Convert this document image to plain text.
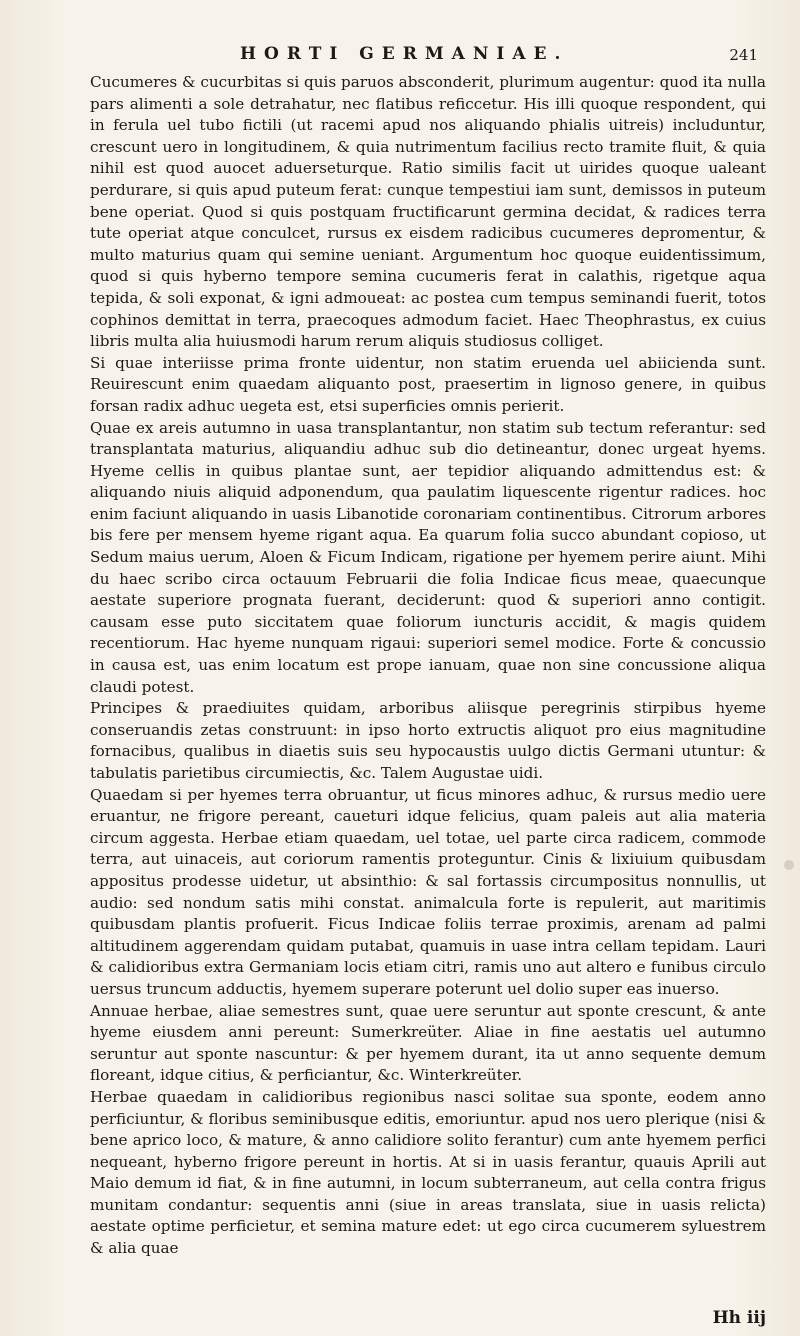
HORTI GERMANIAE.	241

Cucumeres & cucurbitas si quis paruos absconderit, plurimum augentur: quod ita nulla pars alimenti a sole detrahatur, nec flatibus reficcetur. His illi quoque respondent, qui in ferula uel tubo fictili (ut racemi apud nos aliquando phialis uitreis) includuntur, crescunt uero in longitudinem, & quia nutrimentum facilius recto tramite fluit, & quia nihil est quod auocet aduerseturque. Ratio similis facit ut uirides quoque ualeant perdurare, si quis apud puteum ferat: cunque tempestiui iam sunt, demissos in puteum bene operiat. Quod si quis postquam fructificarunt germina decidat, & radices terra tute operiat atque conculcet, rursus ex eisdem radicibus cucumeres depromentur, & multo maturius quam qui semine ueniant. Argumentum hoc quoque euidentissimum, quod si quis hyberno tempore semina cucumeris ferat in calathis, rigetque aqua tepida, & soli exponat, & igni admoueat: ac postea cum tempus seminandi fuerit, totos cophinos demittat in terra, praecoques admodum faciet. Haec Theophrastus, ex cuius libris multa alia huiusmodi harum rerum aliquis studiosus colliget.

Si quae interiisse prima fronte uidentur, non statim eruenda uel abiicienda sunt. Reuirescunt enim quaedam aliquanto post, praesertim in lignoso genere, in quibus forsan radix adhuc uegeta est, etsi superficies omnis perierit.

Quae ex areis autumno in uasa transplantantur, non statim sub tectum referantur: sed transplantata maturius, aliquandiu adhuc sub dio detineantur, donec urgeat hyems. Hyeme cellis in quibus plantae sunt, aer tepidior aliquando admittendus est: & aliquando niuis aliquid adponendum, qua paulatim liquescente rigentur radices. hoc enim faciunt aliquando in uasis Libanotide coronariam continentibus. Citrorum arbores bis fere per mensem hyeme rigant aqua. Ea quarum folia succo abundant copioso, ut Sedum maius uerum, Aloen & Ficum Indicam, rigatione per hyemem perire aiunt. Mihi du haec scribo circa octauum Februarii die folia Indicae ficus meae, quaecunque aestate superiore prognata fuerant, deciderunt: quod & superiori anno contigit. causam esse puto siccitatem quae foliorum iuncturis accidit, & magis quidem recentiorum. Hac hyeme nunquam rigaui: superiori semel modice. Forte & concussio in causa est, uas enim locatum est prope ianuam, quae non sine concussione aliqua claudi potest.

Principes & praediuites quidam, arboribus aliisque peregrinis stirpibus hyeme conseruandis zetas construunt: in ipso horto extructis aliquot pro eius magnitudine fornacibus, qualibus in diaetis suis seu hypocaustis uulgo dictis Germani utuntur: & tabulatis parietibus circumiectis, &c. Talem Augustae uidi.

Quaedam si per hyemes terra obruantur, ut ficus minores adhuc, & rursus medio uere eruantur, ne frigore pereant, caueturi idque felicius, quam paleis aut alia materia circum aggesta. Herbae etiam quaedam, uel totae, uel parte circa radicem, commode terra, aut uinaceis, aut coriorum ramentis proteguntur. Cinis & lixiuium quibusdam appositus prodesse uidetur, ut absinthio: & sal fortassis circumpositus nonnullis, ut audio: sed nondum satis mihi constat. animalcula forte is repulerit, aut maritimis quibusdam plantis profuerit. Ficus Indicae foliis terrae proximis, arenam ad palmi altitudinem aggerendam quidam putabat, quamuis in uase intra cellam tepidam. Lauri & calidioribus extra Germaniam locis etiam citri, ramis uno aut altero e funibus circulo uersus truncum adductis, hyemem superare poterunt uel dolio super eas inuerso.

Annuae herbae, aliae semestres sunt, quae uere seruntur aut sponte crescunt, & ante hyeme eiusdem anni pereunt: Sumerkreüter. Aliae in fine aestatis uel autumno seruntur aut sponte nascuntur: & per hyemem durant, ita ut anno sequente demum floreant, idque citius, & perficiantur, &c. Winterkreüter.

Herbae quaedam in calidioribus regionibus nasci solitae sua sponte, eodem anno perficiuntur, & floribus seminibusque editis, emoriuntur. apud nos uero plerique (nisi & bene aprico loco, & mature, & anno calidiore solito ferantur) cum ante hyemem perfici nequeant, hyberno frigore pereunt in hortis. At si in uasis ferantur, quauis Aprili aut Maio demum id fiat, & in fine autumni, in locum subterraneum, aut cella contra frigus munitam condantur: sequentis anni (siue in areas translata, siue in uasis relicta) aestate optime perficietur, et semina mature edet: ut ego circa cucumerem syluestrem & alia quae

Hh iij
